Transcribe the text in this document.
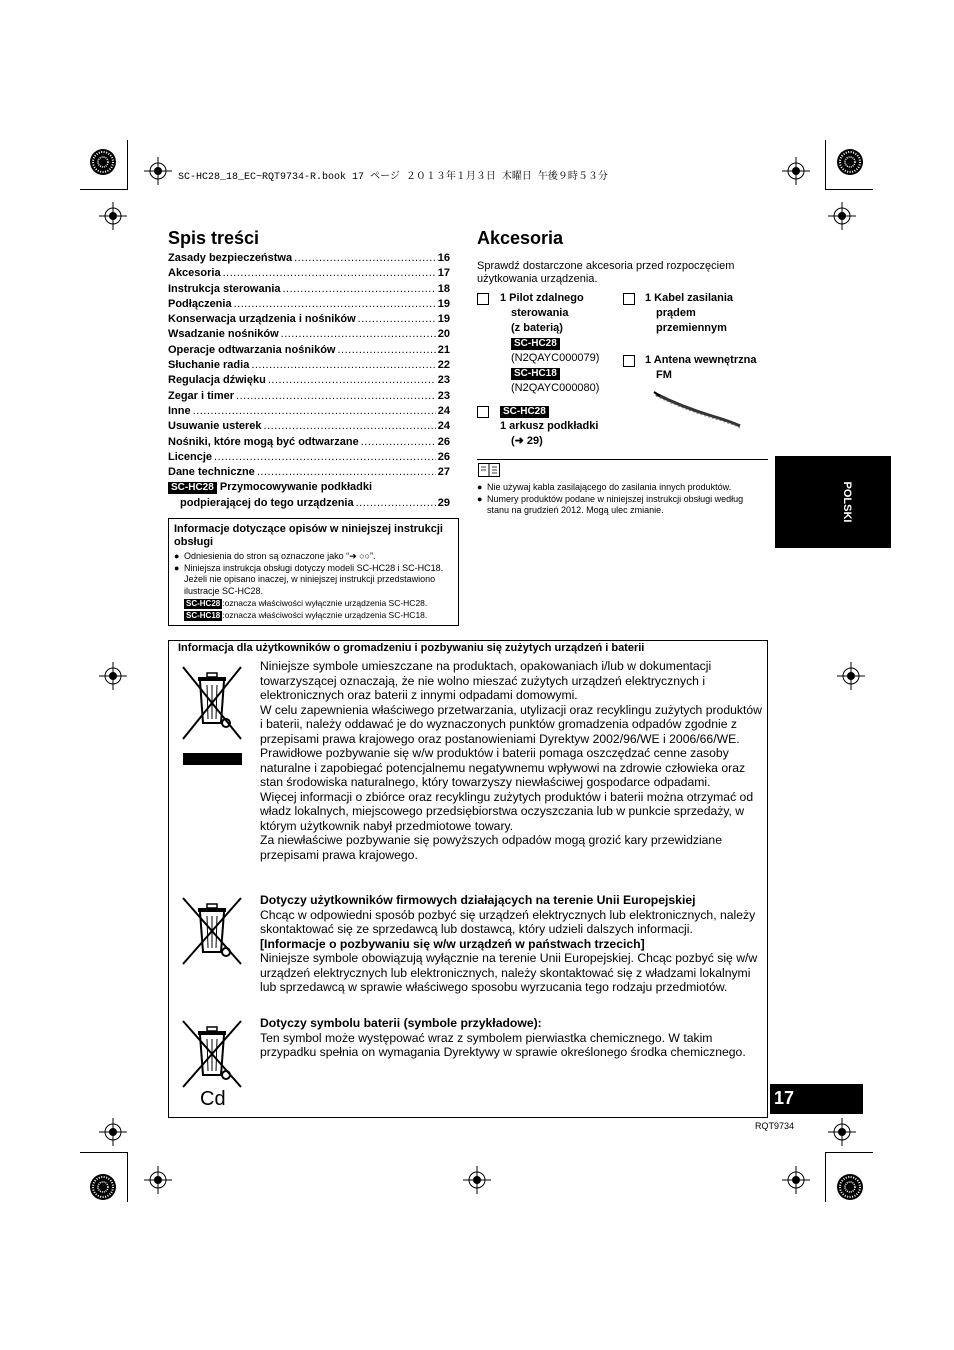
SC-HC28_18_EC~RQT9734-R.book 17 ページ ２０１３年１月３日 木曜日 午後９時５３分
Spis treści
Zasady bezpieczeństwa .....	16
Akcesoria .....	17
Instrukcja sterowania .....	18
Podłączenia .....	19
Konserwacja urządzenia i nośników .....	19
Wsadzanie nośników .....	20
Operacje odtwarzania nośników .....	21
Słuchanie radia .....	22
Regulacja dźwięku .....	23
Zegar i timer .....	23
Inne .....	24
Usuwanie usterek .....	24
Nośniki, które mogą być odtwarzane .....	26
Licencje .....	26
Dane techniczne .....	27
SC-HC28 Przymocowywanie podkładki
podpierającej do tego urządzenia .....	29
Informacje dotyczące opisów w niniejszej instrukcji obsługi
● Odniesienia do stron są oznaczone jako “➜ ○○”.
● Niniejsza instrukcja obsługi dotyczy modeli SC-HC28 i SC-HC18. Jeżeli nie opisano inaczej, w niniejszej instrukcji przedstawiono ilustracje SC-HC28.
SC-HC28 :oznacza właściwości wyłącznie urządzenia SC-HC28.
SC-HC18 :oznacza właściwości wyłącznie urządzenia SC-HC18.
Akcesoria
Sprawdź dostarczone akcesoria przed rozpoczęciem użytkowania urządzenia.
1 Pilot zdalnego
sterowania
(z baterią)
SC-HC28
(N2QAYC000079)
SC-HC18
(N2QAYC000080)
1 Kabel zasilania
prądem
przemiennym
1 Antena wewnętrzna
FM
SC-HC28
1 arkusz podkładki
(➜ 29)
● Nie używaj kabla zasilającego do zasilania innych produktów.
● Numery produktów podane w niniejszej instrukcji obsługi według stanu na grudzień 2012. Mogą ulec zmianie.	POLSKI
Informacja dla użytkowników o gromadzeniu i pozbywaniu się zużytych urządzeń i baterii
Cd

Niniejsze symbole umieszczane na produktach, opakowaniach i/lub w dokumentacji towarzyszącej oznaczają, że nie wolno mieszać zużytych urządzeń elektrycznych i elektronicznych oraz baterii z innymi odpadami domowymi.

W celu zapewnienia właściwego przetwarzania, utylizacji oraz recyklingu zużytych produktów i baterii, należy oddawać je do wyznaczonych punktów gromadzenia odpadów zgodnie z przepisami prawa krajowego oraz postanowieniami Dyrektyw 2002/96/WE i 2006/66/WE.

Prawidłowe pozbywanie się w/w produktów i baterii pomaga oszczędzać cenne zasoby naturalne i zapobiegać potencjalnemu negatywnemu wpływowi na zdrowie człowieka oraz stan środowiska naturalnego, który towarzyszy niewłaściwej gospodarce odpadami.

Więcej informacji o zbiórce oraz recyklingu zużytych produktów i baterii można otrzymać od władz lokalnych, miejscowego przedsiębiorstwa oczyszczania lub w punkcie sprzedaży, w którym użytkownik nabył przedmiotowe towary.

Za niewłaściwe pozbywanie się powyższych odpadów mogą grozić kary przewidziane przepisami prawa krajowego.

Dotyczy użytkowników firmowych działających na terenie Unii Europejskiej

Chcąc w odpowiedni sposób pozbyć się urządzeń elektrycznych lub elektronicznych, należy skontaktować się ze sprzedawcą lub dostawcą, który udzieli dalszych informacji.

[Informacje o pozbywaniu się w/w urządzeń w państwach trzecich]

Niniejsze symbole obowiązują wyłącznie na terenie Unii Europejskiej. Chcąc pozbyć się w/w urządzeń elektrycznych lub elektronicznych, należy skontaktować się z władzami lokalnymi lub sprzedawcą w sprawie właściwego sposobu wyrzucania tego rodzaju przedmiotów.

Dotyczy symbolu baterii (symbole przykładowe):

Ten symbol może występować wraz z symbolem pierwiastka chemicznego. W takim przypadku spełnia on wymagania Dyrektywy w sprawie określonego środka chemicznego.

17
RQT9734
